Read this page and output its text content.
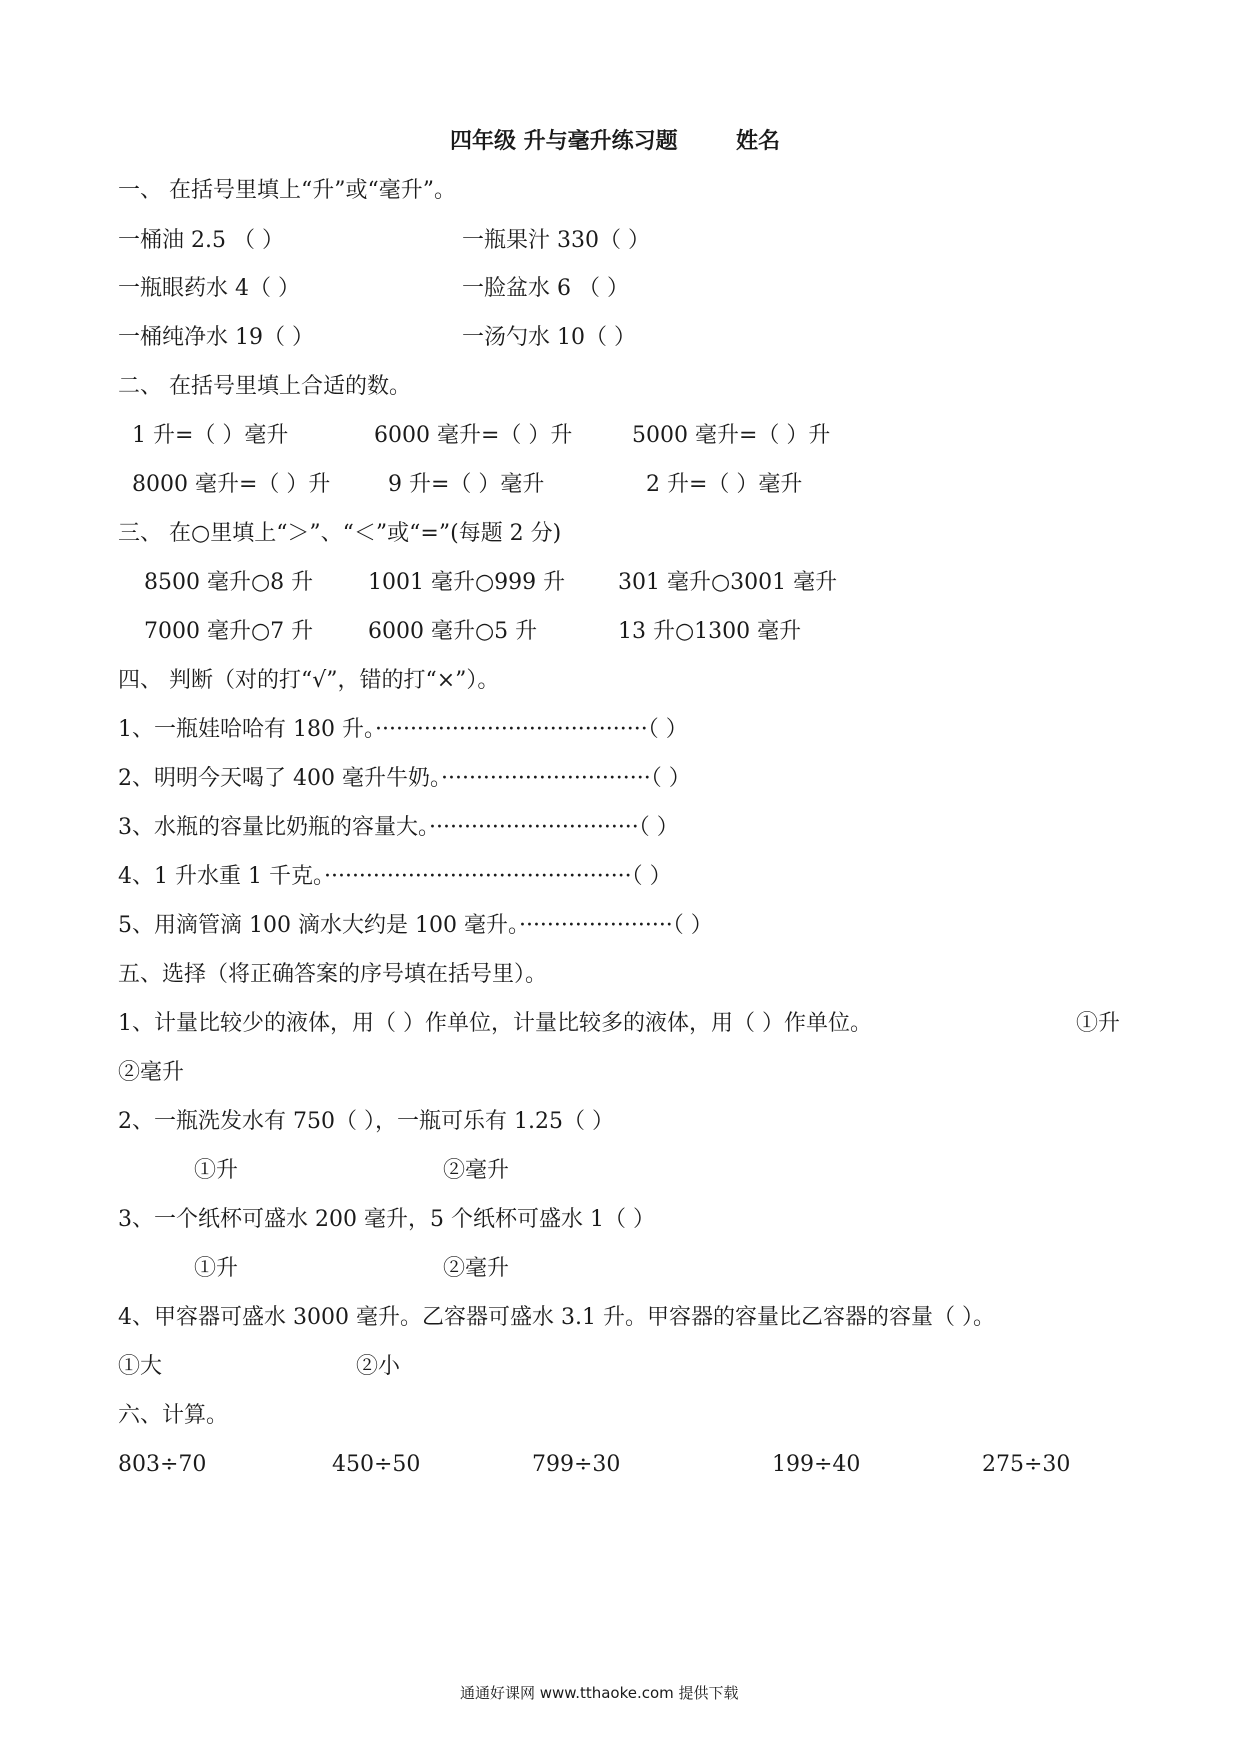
四年级 升与毫升练习题	姓名
一、 在括号里填上“升”或“毫升”。
一桶油 2.5 （ ）	一瓶果汁 330（ ）
一瓶眼药水 4（ ）	一脸盆水 6 （ ）
一桶纯净水 19（ ）	一汤勺水 10（ ）
二、 在括号里填上合适的数。
1 升=（ ）毫升	6000 毫升=（ ）升	5000 毫升=（ ）升
8000 毫升=（ ）升	9 升=（ ）毫升	2 升=（ ）毫升
三、 在○里填上“＞”、“＜”或“=”(每题 2 分)
8500 毫升○8 升 1001 毫升○999 升 301 毫升○3001 毫升
7000 毫升○7 升 6000 毫升○5 升	13 升○1300 毫升
四、 判断（对的打“√”，错的打“×”）。
1、一瓶娃哈哈有 180 升。·······································（ ）
2、明明今天喝了 400 毫升牛奶。······························（ ）
3、水瓶的容量比奶瓶的容量大。······························（ ）
4、1 升水重 1 千克。············································（ ）
5、用滴管滴 100 滴水大约是 100 毫升。······················（ ）
五、选择（将正确答案的序号填在括号里）。
1、计量比较少的液体，用（ ）作单位，计量比较多的液体，用（ ）作单位。	①升
②毫升
2、一瓶洗发水有 750（ ），一瓶可乐有 1.25（ ）
①升	②毫升
3、一个纸杯可盛水 200 毫升，5 个纸杯可盛水 1（ ）
①升	②毫升
4、甲容器可盛水 3000 毫升。乙容器可盛水 3.1 升。甲容器的容量比乙容器的容量（ ）。
①大	②小
六、计算。
803÷70	450÷50	799÷30	199÷40	275÷30
通通好课网 www.tthaoke.com 提供下载
